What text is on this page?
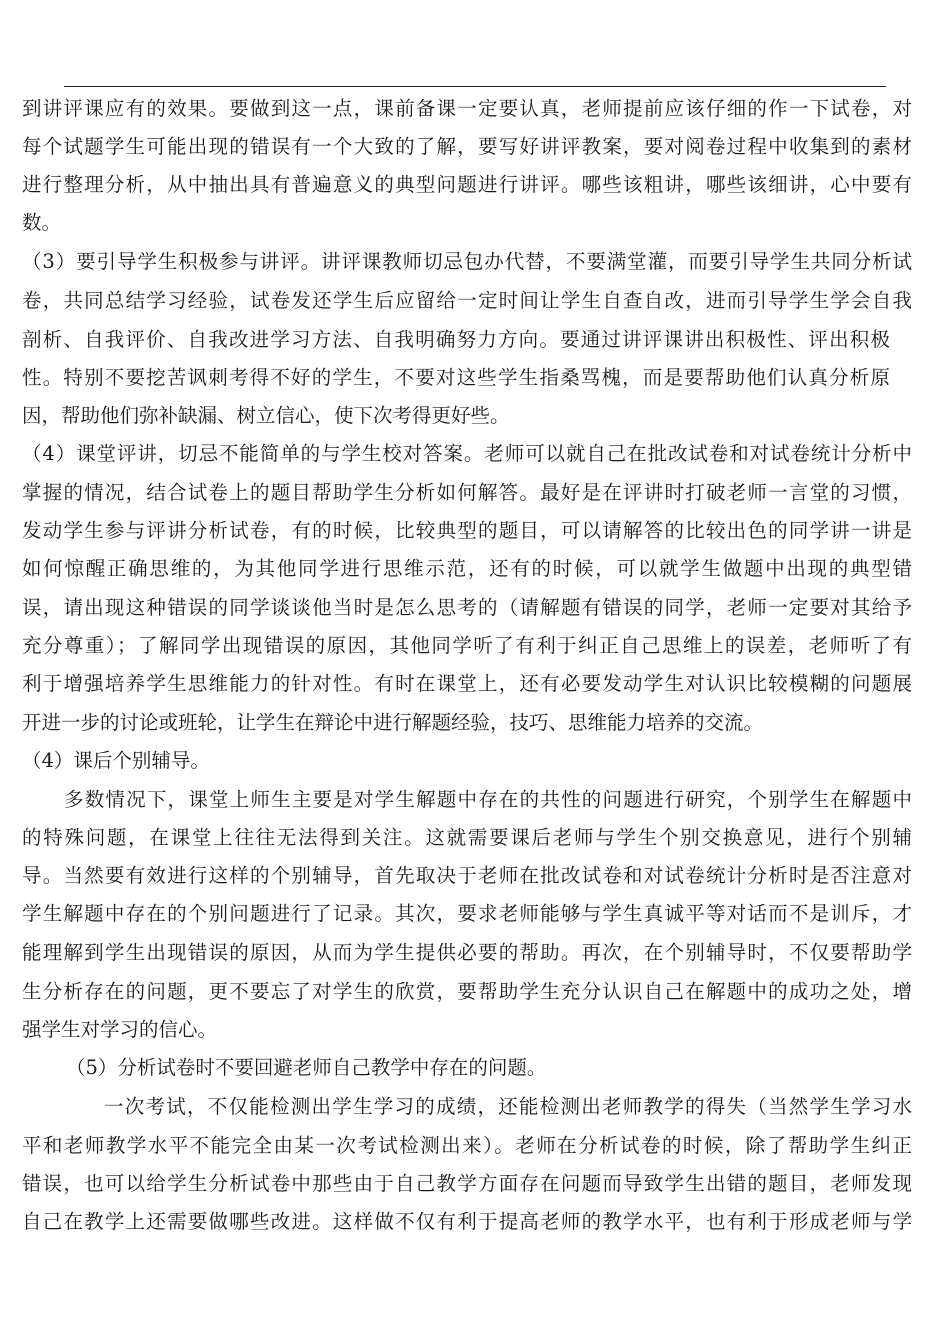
到讲评课应有的效果。要做到这一点，课前备课一定要认真，老师提前应该仔细的作一下试卷，对
每个试题学生可能出现的错误有一个大致的了解，要写好讲评教案，要对阅卷过程中收集到的素材
进行整理分析，从中抽出具有普遍意义的典型问题进行讲评。哪些该粗讲，哪些该细讲，心中要有
数。
（3）要引导学生积极参与讲评。讲评课教师切忌包办代替，不要满堂灌，而要引导学生共同分析试
卷，共同总结学习经验，试卷发还学生后应留给一定时间让学生自查自改，进而引导学生学会自我
剖析、自我评价、自我改进学习方法、自我明确努力方向。要通过讲评课讲出积极性、评出积极
性。特别不要挖苦讽刺考得不好的学生，不要对这些学生指桑骂槐，而是要帮助他们认真分析原
因，帮助他们弥补缺漏、树立信心，使下次考得更好些。
（4）课堂评讲，切忌不能简单的与学生校对答案。老师可以就自己在批改试卷和对试卷统计分析中
掌握的情况，结合试卷上的题目帮助学生分析如何解答。最好是在评讲时打破老师一言堂的习惯，
发动学生参与评讲分析试卷，有的时候，比较典型的题目，可以请解答的比较出色的同学讲一讲是
如何惊醒正确思维的，为其他同学进行思维示范，还有的时候，可以就学生做题中出现的典型错
误，请出现这种错误的同学谈谈他当时是怎么思考的（请解题有错误的同学，老师一定要对其给予
充分尊重）；了解同学出现错误的原因，其他同学听了有利于纠正自己思维上的误差，老师听了有
利于增强培养学生思维能力的针对性。有时在课堂上，还有必要发动学生对认识比较模糊的问题展
开进一步的讨论或班轮，让学生在辩论中进行解题经验，技巧、思维能力培养的交流。
（4）课后个别辅导。
多数情况下，课堂上师生主要是对学生解题中存在的共性的问题进行研究，个别学生在解题中
的特殊问题，在课堂上往往无法得到关注。这就需要课后老师与学生个别交换意见，进行个别辅
导。当然要有效进行这样的个别辅导，首先取决于老师在批改试卷和对试卷统计分析时是否注意对
学生解题中存在的个别问题进行了记录。其次，要求老师能够与学生真诚平等对话而不是训斥，才
能理解到学生出现错误的原因，从而为学生提供必要的帮助。再次，在个别辅导时，不仅要帮助学
生分析存在的问题，更不要忘了对学生的欣赏，要帮助学生充分认识自己在解题中的成功之处，增
强学生对学习的信心。
（5）分析试卷时不要回避老师自己教学中存在的问题。
一次考试，不仅能检测出学生学习的成绩，还能检测出老师教学的得失（当然学生学习水
平和老师教学水平不能完全由某一次考试检测出来）。老师在分析试卷的时候，除了帮助学生纠正
错误，也可以给学生分析试卷中那些由于自己教学方面存在问题而导致学生出错的题目，老师发现
自己在教学上还需要做哪些改进。这样做不仅有利于提高老师的教学水平，也有利于形成老师与学
